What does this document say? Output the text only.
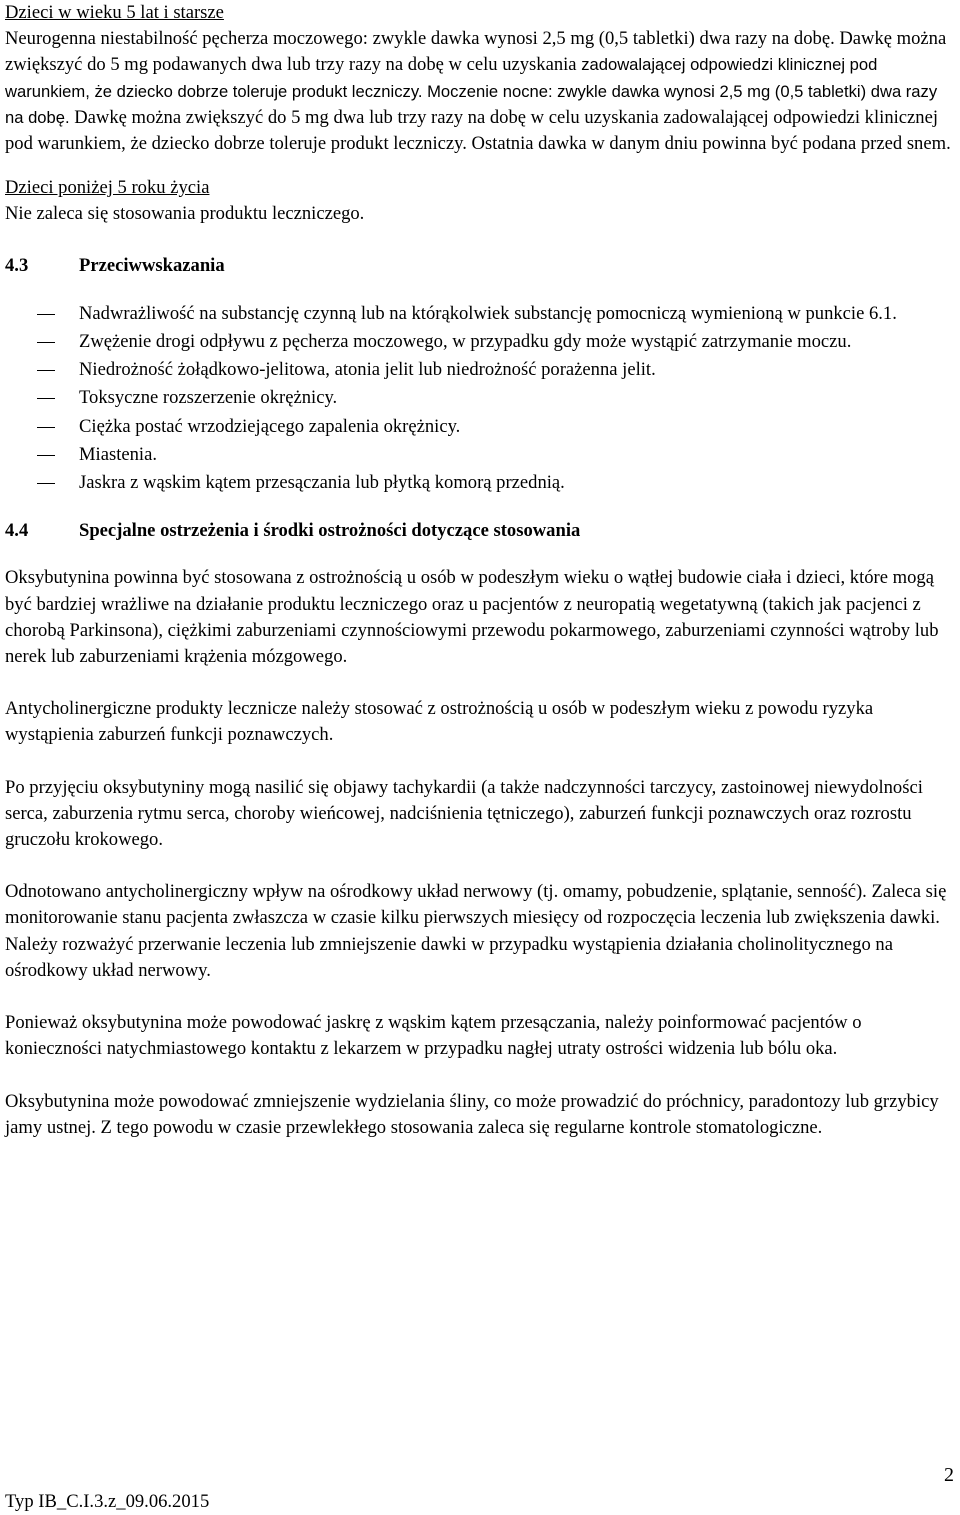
Dzieci w wieku 5 lat i starsze

Neurogenna niestabilność pęcherza moczowego: zwykle dawka wynosi 2,5 mg (0,5 tabletki) dwa razy na dobę. Dawkę można zwiększyć do 5 mg podawanych dwa lub trzy razy na dobę w celu uzyskania zadowalającej odpowiedzi klinicznej pod warunkiem, że dziecko dobrze toleruje produkt leczniczy. Moczenie nocne: zwykle dawka wynosi 2,5 mg (0,5 tabletki) dwa razy na dobę. Dawkę można zwiększyć do 5 mg dwa lub trzy razy na dobę w celu uzyskania zadowalającej odpowiedzi klinicznej pod warunkiem, że dziecko dobrze toleruje produkt leczniczy. Ostatnia dawka w danym dniu powinna być podana przed snem.

Dzieci poniżej 5 roku życia

Nie zaleca się stosowania produktu leczniczego.

4.3	Przeciwwskazania
Nadwrażliwość na substancję czynną lub na którąkolwiek substancję pomocniczą wymienioną w punkcie 6.1.
Zwężenie drogi odpływu z pęcherza moczowego, w przypadku gdy może wystąpić zatrzymanie moczu.
Niedrożność żołądkowo-jelitowa, atonia jelit lub niedrożność porażenna jelit.
Toksyczne rozszerzenie okrężnicy.
Ciężka postać wrzodziejącego zapalenia okrężnicy.
Miastenia.
Jaskra z wąskim kątem przesączania lub płytką komorą przednią.
4.4	Specjalne ostrzeżenia i środki ostrożności dotyczące stosowania

Oksybutynina powinna być stosowana z ostrożnością u osób w podeszłym wieku o wątłej budowie ciała i dzieci, które mogą być bardziej wrażliwe na działanie produktu leczniczego oraz u pacjentów z neuropatią wegetatywną (takich jak pacjenci z chorobą Parkinsona), ciężkimi zaburzeniami czynnościowymi przewodu pokarmowego, zaburzeniami czynności wątroby lub nerek lub zaburzeniami krążenia mózgowego.

Antycholinergiczne produkty lecznicze należy stosować z ostrożnością u osób w podeszłym wieku z powodu ryzyka wystąpienia zaburzeń funkcji poznawczych.

Po przyjęciu oksybutyniny mogą nasilić się objawy tachykardii (a także nadczynności tarczycy, zastoinowej niewydolności serca, zaburzenia rytmu serca, choroby wieńcowej, nadciśnienia tętniczego), zaburzeń funkcji poznawczych oraz rozrostu gruczołu krokowego.

Odnotowano antycholinergiczny wpływ na ośrodkowy układ nerwowy (tj. omamy, pobudzenie, splątanie, senność). Zaleca się monitorowanie stanu pacjenta zwłaszcza w czasie kilku pierwszych miesięcy od rozpoczęcia leczenia lub zwiększenia dawki. Należy rozważyć przerwanie leczenia lub zmniejszenie dawki w przypadku wystąpienia działania cholinolitycznego na ośrodkowy układ nerwowy.

Ponieważ oksybutynina może powodować jaskrę z wąskim kątem przesączania, należy poinformować pacjentów o konieczności natychmiastowego kontaktu z lekarzem w przypadku nagłej utraty ostrości widzenia lub bólu oka.

Oksybutynina może powodować zmniejszenie wydzielania śliny, co może prowadzić do próchnicy, paradontozy lub grzybicy jamy ustnej. Z tego powodu w czasie przewlekłego stosowania zaleca się regularne kontrole stomatologiczne.

2
Typ IB_C.I.3.z_09.06.2015
